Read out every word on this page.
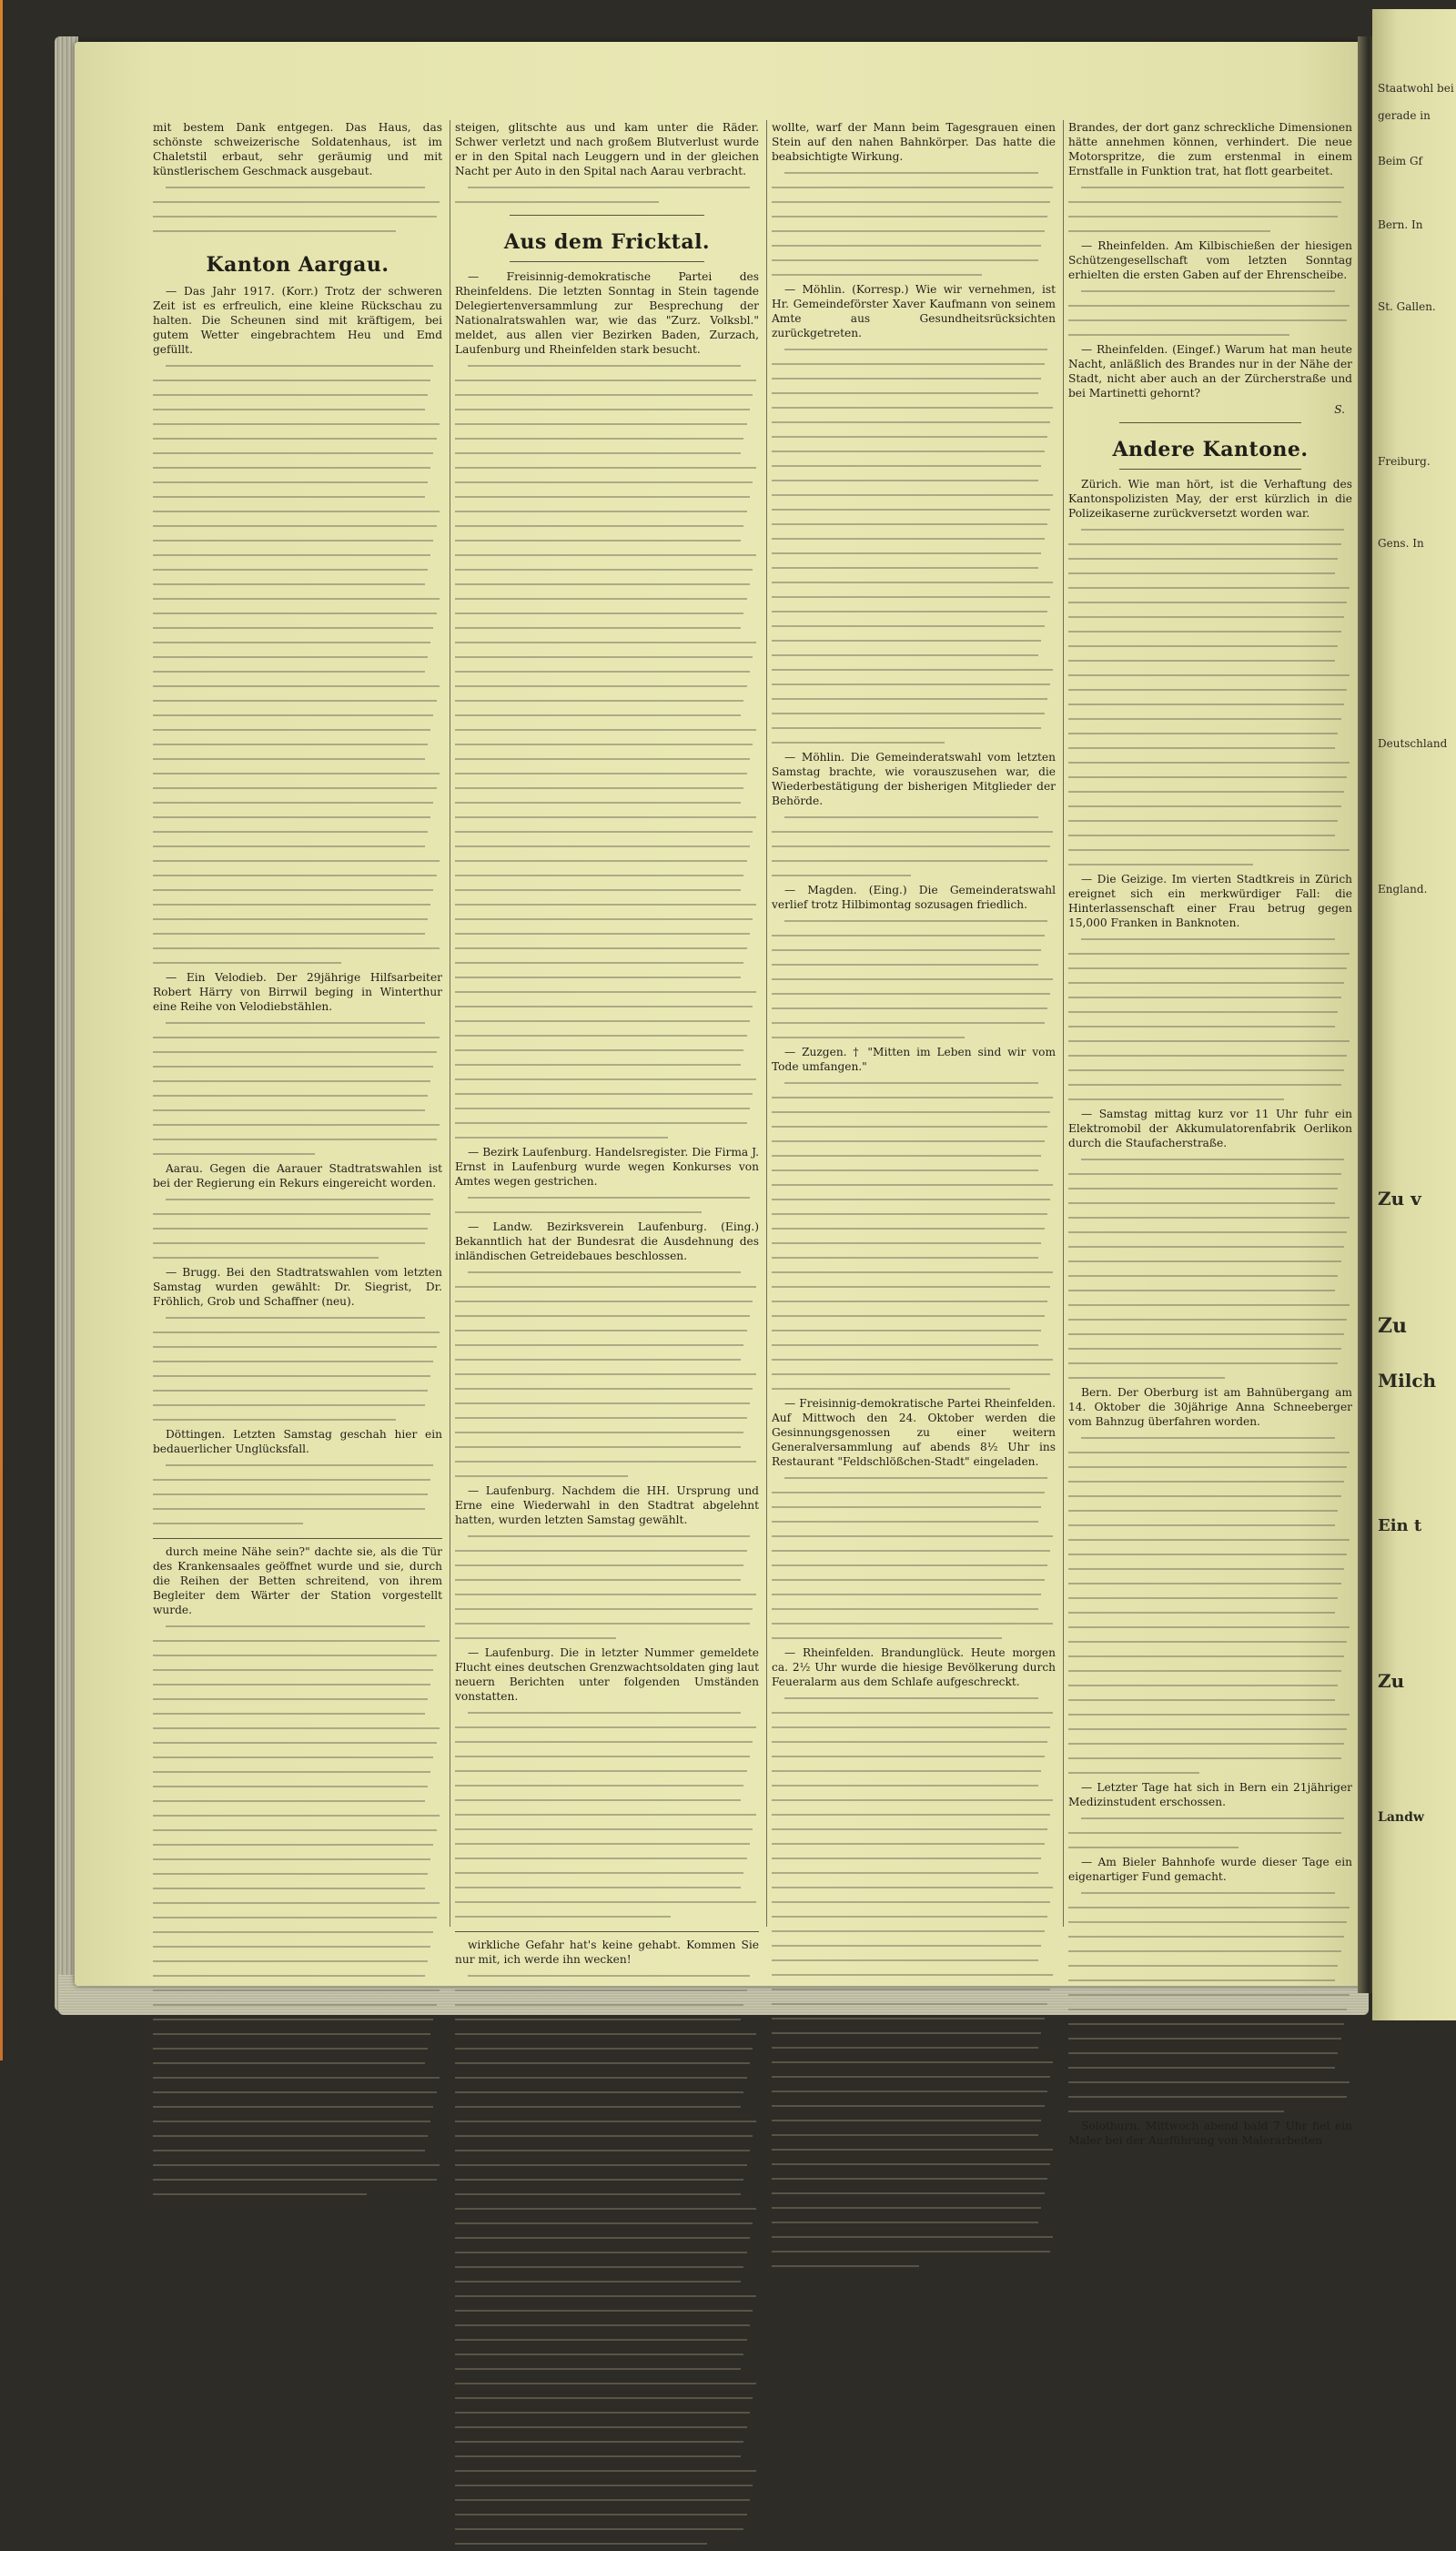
Staatwohl bei
gerade in
Beim Gf
Bern. In
St. Gallen.
Freiburg.
Gens. In
Deutschland
England.
Zu v
Zu
Milch
Ein t
Zu
Landw

mit bestem Dank entgegen. Das Haus, das schönste schweizerische Soldatenhaus, ist im Chaletstil erbaut, sehr geräumig und mit künstlerischem Geschmack ausgebaut.

Kanton Aargau.

— Das Jahr 1917. (Korr.) Trotz der schweren Zeit ist es erfreulich, eine kleine Rückschau zu halten. Die Scheunen sind mit kräftigem, bei gutem Wetter eingebrachtem Heu und Emd gefüllt.

— Ein Velodieb. Der 29jährige Hilfsarbeiter Robert Härry von Birrwil beging in Winterthur eine Reihe von Velodiebstählen.

Aarau. Gegen die Aarauer Stadtratswahlen ist bei der Regierung ein Rekurs eingereicht worden.

— Brugg. Bei den Stadtratswahlen vom letzten Samstag wurden gewählt: Dr. Siegrist, Dr. Fröhlich, Grob und Schaffner (neu).

Döttingen. Letzten Samstag geschah hier ein bedauerlicher Unglücksfall.

durch meine Nähe sein?" dachte sie, als die Tür des Krankensaales geöffnet wurde und sie, durch die Reihen der Betten schreitend, von ihrem Begleiter dem Wärter der Station vorgestellt wurde.

steigen, glitschte aus und kam unter die Räder. Schwer verletzt und nach großem Blutverlust wurde er in den Spital nach Leuggern und in der gleichen Nacht per Auto in den Spital nach Aarau verbracht.

Aus dem Fricktal.

— Freisinnig-demokratische Partei des Rheinfeldens. Die letzten Sonntag in Stein tagende Delegiertenversammlung zur Besprechung der Nationalratswahlen war, wie das "Zurz. Volksbl." meldet, aus allen vier Bezirken Baden, Zurzach, Laufenburg und Rheinfelden stark besucht.

— Bezirk Laufenburg. Handelsregister. Die Firma J. Ernst in Laufenburg wurde wegen Konkurses von Amtes wegen gestrichen.

— Landw. Bezirksverein Laufenburg. (Eing.) Bekanntlich hat der Bundesrat die Ausdehnung des inländischen Getreidebaues beschlossen.

— Laufenburg. Nachdem die HH. Ursprung und Erne eine Wiederwahl in den Stadtrat abgelehnt hatten, wurden letzten Samstag gewählt.

— Laufenburg. Die in letzter Nummer gemeldete Flucht eines deutschen Grenzwachtsoldaten ging laut neuern Berichten unter folgenden Umständen vonstatten.

wirkliche Gefahr hat's keine gehabt. Kommen Sie nur mit, ich werde ihn wecken!

wollte, warf der Mann beim Tagesgrauen einen Stein auf den nahen Bahnkörper. Das hatte die beabsichtigte Wirkung.

— Möhlin. (Korresp.) Wie wir vernehmen, ist Hr. Gemeindeförster Xaver Kaufmann von seinem Amte aus Gesundheitsrücksichten zurückgetreten.

— Möhlin. Die Gemeinderatswahl vom letzten Samstag brachte, wie vorauszusehen war, die Wiederbestätigung der bisherigen Mitglieder der Behörde.

— Magden. (Eing.) Die Gemeinderatswahl verlief trotz Hilbimontag sozusagen friedlich.

— Zuzgen. † "Mitten im Leben sind wir vom Tode umfangen."

— Freisinnig-demokratische Partei Rheinfelden. Auf Mittwoch den 24. Oktober werden die Gesinnungsgenossen zu einer weitern Generalversammlung auf abends 8½ Uhr ins Restaurant "Feldschlößchen-Stadt" eingeladen.

— Rheinfelden. Brandunglück. Heute morgen ca. 2½ Uhr wurde die hiesige Bevölkerung durch Feueralarm aus dem Schlafe aufgeschreckt.

Brandes, der dort ganz schreckliche Dimensionen hätte annehmen können, verhindert. Die neue Motorspritze, die zum erstenmal in einem Ernstfalle in Funktion trat, hat flott gearbeitet.

— Rheinfelden. Am Kilbischießen der hiesigen Schützengesellschaft vom letzten Sonntag erhielten die ersten Gaben auf der Ehrenscheibe.

— Rheinfelden. (Eingef.) Warum hat man heute Nacht, anläßlich des Brandes nur in der Nähe der Stadt, nicht aber auch an der Zürcherstraße und bei Martinetti gehornt?

S.
Andere Kantone.

Zürich. Wie man hört, ist die Verhaftung des Kantonspolizisten May, der erst kürzlich in die Polizeikaserne zurückversetzt worden war.

— Die Geizige. Im vierten Stadtkreis in Zürich ereignet sich ein merkwürdiger Fall: die Hinterlassenschaft einer Frau betrug gegen 15,000 Franken in Banknoten.

— Samstag mittag kurz vor 11 Uhr fuhr ein Elektromobil der Akkumulatorenfabrik Oerlikon durch die Staufacherstraße.

Bern. Der Oberburg ist am Bahnübergang am 14. Oktober die 30jährige Anna Schneeberger vom Bahnzug überfahren worden.

— Letzter Tage hat sich in Bern ein 21jähriger Medizinstudent erschossen.

— Am Bieler Bahnhofe wurde dieser Tage ein eigenartiger Fund gemacht.

Solothurn. Mittwoch abend bald 7 Uhr fiel ein Maler bei der Ausführung von Malerarbeiten
